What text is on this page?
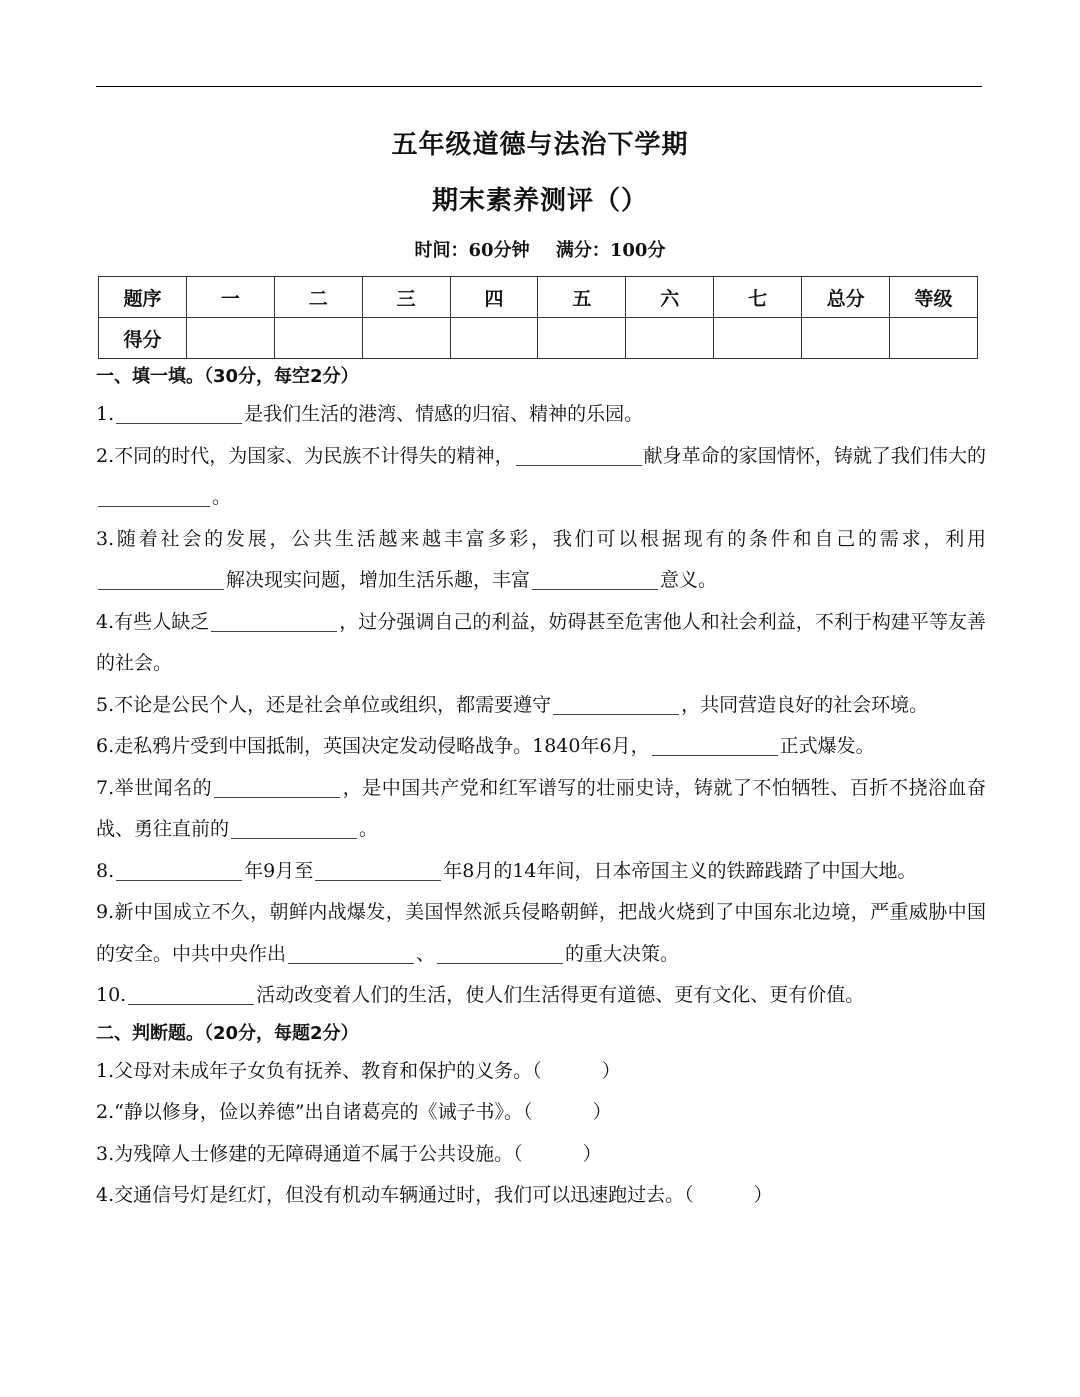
五年级道德与法治下学期
期末素养测评（）
时间：60分钟 满分：100分
题序	一	二	三	四	五	六	七	总分	等级
得分									
一、填一填。（30分，每空2分）
1.	是我们生活的港湾、情感的归宿、精神的乐园。
2.不同的时代，为国家、为民族不计得失的精神，	献身革命的家国情怀，铸就了我们伟大的。
3.随着社会的发展，公共生活越来越丰富多彩，我们可以根据现有的条件和自己的需求，利用解决现实问题，增加生活乐趣，丰富	意义。
4.有些人缺乏	，过分强调自己的利益，妨碍甚至危害他人和社会利益，不利于构建平等友善的社会。
5.不论是公民个人，还是社会单位或组织，都需要遵守	，共同营造良好的社会环境。
6.走私鸦片受到中国抵制，英国决定发动侵略战争。1840年6月，	正式爆发。
7.举世闻名的	，是中国共产党和红军谱写的壮丽史诗，铸就了不怕牺牲、百折不挠浴血奋战、勇往直前的	。
8.	年9月至	年8月的14年间，日本帝国主义的铁蹄践踏了中国大地。
9.新中国成立不久，朝鲜内战爆发，美国悍然派兵侵略朝鲜，把战火烧到了中国东北边境，严重威胁中国的安全。中共中央作出	、	的重大决策。
10.	活动改变着人们的生活，使人们生活得更有道德、更有文化、更有价值。
二、判断题。（20分，每题2分）
1.父母对未成年子女负有抚养、教育和保护的义务。（	）
2.“静以修身，俭以养德”出自诸葛亮的《诫子书》。（	）
3.为残障人士修建的无障碍通道不属于公共设施。（	）
4.交通信号灯是红灯，但没有机动车辆通过时，我们可以迅速跑过去。（	）
